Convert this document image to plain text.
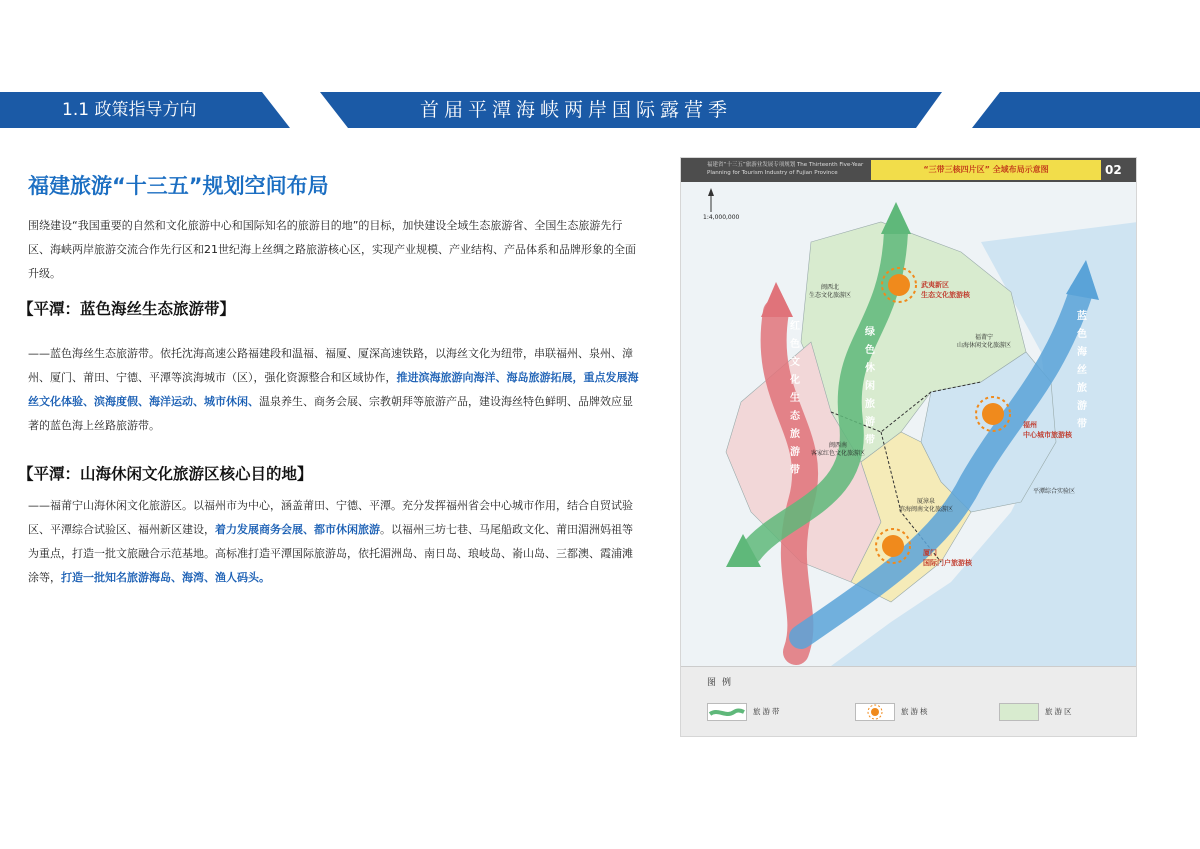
1.1 政策指导方向	首届平潭海峡两岸国际露营季
福建旅游“十三五”规划空间布局
围绕建设“我国重要的自然和文化旅游中心和国际知名的旅游目的地”的目标，加快建设全域生态旅游省、全国生态旅游先行区、海峡两岸旅游交流合作先行区和21世纪海上丝绸之路旅游核心区，实现产业规模、产业结构、产品体系和品牌形象的全面升级。
【平潭：蓝色海丝生态旅游带】
——蓝色海丝生态旅游带。依托沈海高速公路福建段和温福、福厦、厦深高速铁路，以海丝文化为纽带，串联福州、泉州、漳州、厦门、莆田、宁德、平潭等滨海城市（区），强化资源整合和区域协作，推进滨海旅游向海洋、海岛旅游拓展，重点发展海丝文化体验、滨海度假、海洋运动、城市休闲、温泉养生、商务会展、宗教朝拜等旅游产品，建设海丝特色鲜明、品牌效应显著的蓝色海上丝路旅游带。
【平潭：山海休闲文化旅游区核心目的地】
——福莆宁山海休闲文化旅游区。以福州市为中心，涵盖莆田、宁德、平潭。充分发挥福州省会中心城市作用，结合自贸试验区、平潭综合试验区、福州新区建设，着力发展商务会展、都市休闲旅游。以福州三坊七巷、马尾船政文化、莆田湄洲妈祖等为重点，打造一批文旅融合示范基地。高标准打造平潭国际旅游岛，依托湄洲岛、南日岛、琅岐岛、嵛山岛、三都澳、霞浦滩涂等，打造一批知名旅游海岛、海湾、渔人码头。
福建省“十三五”旅游业发展专项规划 The Thirteenth Five-Year Planning for Tourism Industry of Fujian Province	“三带三核四片区” 全域布局示意图	02
1:4,000,000
闽西北
生态文化旅游区
福莆宁
山海休闲文化旅游区
闽西南
客家红色文化旅游区
厦漳泉
滨海闽南文化旅游区
平潭综合实验区
武夷新区
生态文化旅游核
福州
中心城市旅游核
厦门
国际门户旅游核
红色文化生态旅游带
绿色休闲旅游带
蓝色海丝旅游带
图例
旅游带	旅游核	旅游区
